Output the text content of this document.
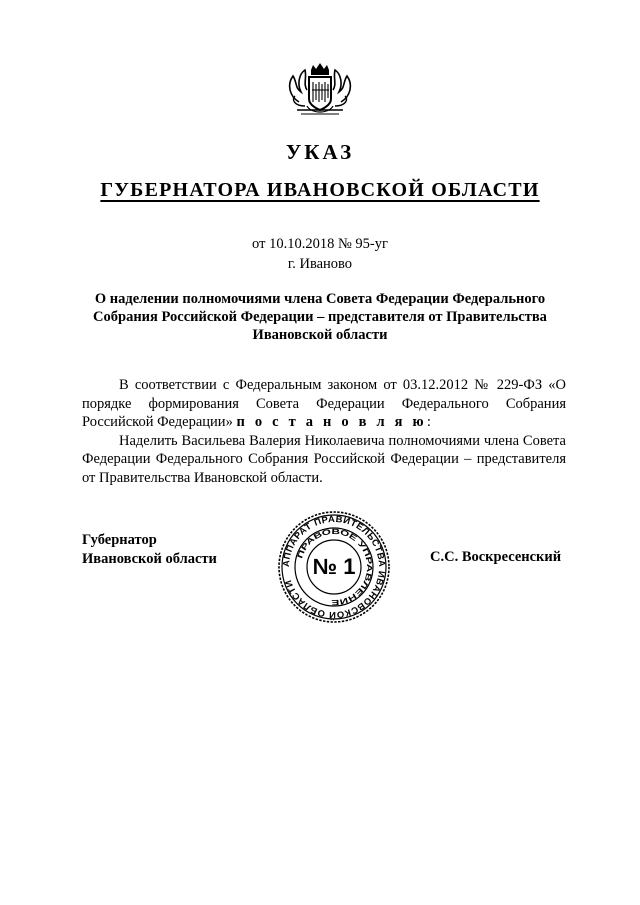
УКАЗ
ГУБЕРНАТОРА ИВАНОВСКОЙ ОБЛАСТИ
от 10.10.2018 № 95-уг
г. Иваново
О наделении полномочиями члена Совета Федерации Федерального
Собрания Российской Федерации – представителя от Правительства
Ивановской области

В соответствии с Федеральным законом от 03.12.2012 № 229-ФЗ «О порядке формирования Совета Федерации Федерального Собрания Российской Федерации» п о с т а н о в л я ю:

Наделить Васильева Валерия Николаевича полномочиями члена Совета Федерации Федерального Собрания Российской Федерации – представителя от Правительства Ивановской области.

Губернатор
Ивановской области	АППАРАТ ПРАВИТЕЛЬСТВА ИВАНОВСКОЙ ОБЛАСТИ
ПРАВОВОЕ УПРАВЛЕНИЕ
№ 1	С.С. Воскресенский
